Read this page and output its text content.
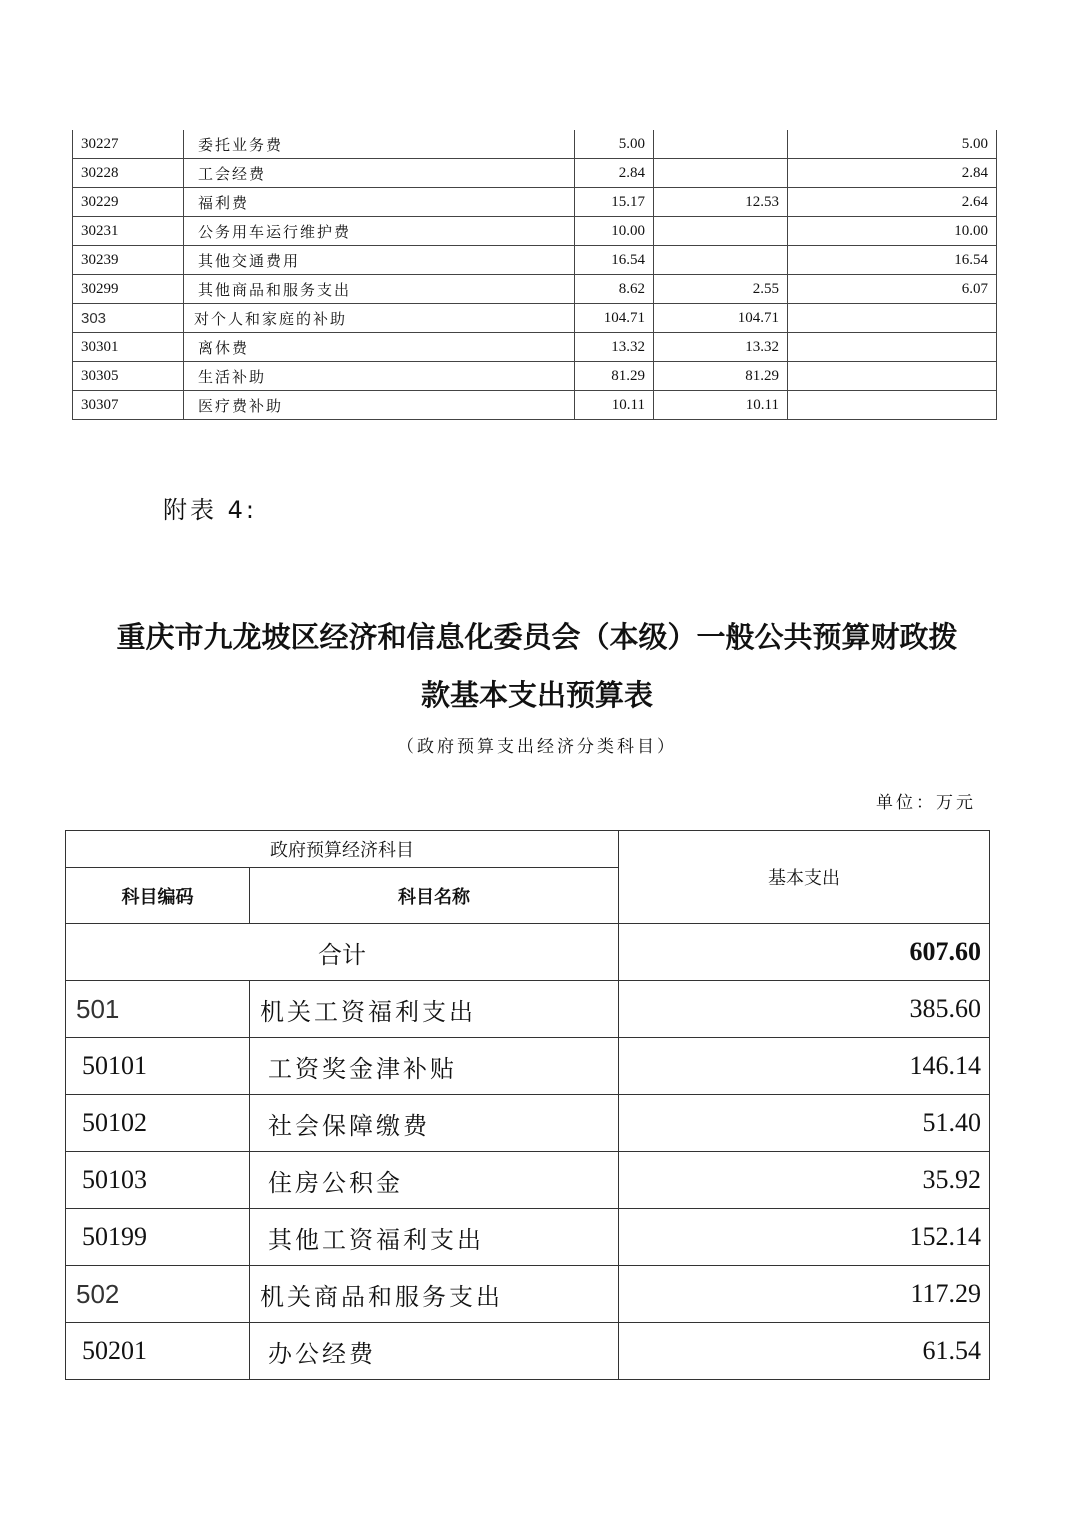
30227	委托业务费	5.00		5.00
30228	工会经费	2.84		2.84
30229	福利费	15.17	12.53	2.64
30231	公务用车运行维护费	10.00		10.00
30239	其他交通费用	16.54		16.54
30299	其他商品和服务支出	8.62	2.55	6.07
303	对个人和家庭的补助	104.71	104.71	
30301	离休费	13.32	13.32	
30305	生活补助	81.29	81.29	
30307	医疗费补助	10.11	10.11	
附表 4:
重庆市九龙坡区经济和信息化委员会（本级）一般公共预算财政拨
款基本支出预算表
（政府预算支出经济分类科目）
单位：万元
政府预算经济科目		基本支出
科目编码	科目名称	
合计		607.60
501	机关工资福利支出	385.60
50101	工资奖金津补贴	146.14
50102	社会保障缴费	51.40
50103	住房公积金	35.92
50199	其他工资福利支出	152.14
502	机关商品和服务支出	117.29
50201	办公经费	61.54
